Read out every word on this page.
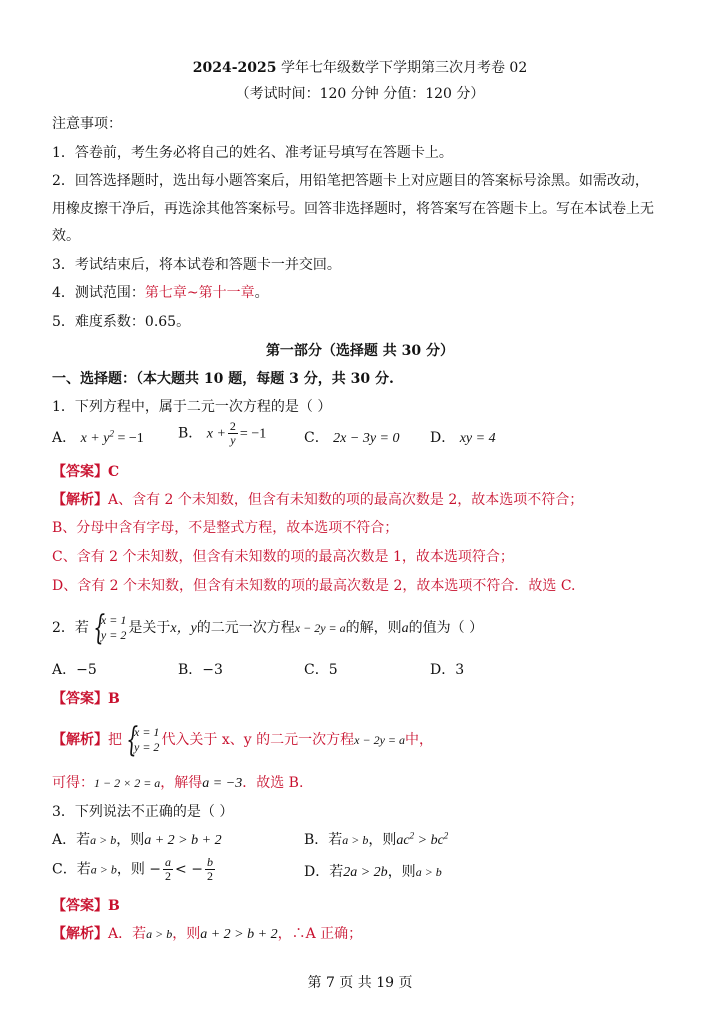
2024-2025 学年七年级数学下学期第三次月考卷 02
（考试时间：120 分钟 分值：120 分）
注意事项：
1．答卷前，考生务必将自己的姓名、准考证号填写在答题卡上。
2．回答选择题时，选出每小题答案后，用铅笔把答题卡上对应题目的答案标号涂黑。如需改动，
用橡皮擦干净后，再选涂其他答案标号。回答非选择题时，将答案写在答题卡上。写在本试卷上无
效。
3．考试结束后，将本试卷和答题卡一并交回。
4．测试范围：第七章~第十一章。
5．难度系数：0.65。
第一部分（选择题 共 30 分）
一、选择题：（本大题共 10 题，每题 3 分，共 30 分.
1．下列方程中，属于二元一次方程的是（ ）
A． $x + y^2 = -1$ B． $x + \frac{2}{y} = -1$	C． 2x − 3y = 0 D． xy = 4
【答案】C
【解析】A、含有 2 个未知数，但含有未知数的项的最高次数是 2，故本选项不符合；
B、分母中含有字母，不是整式方程，故本选项不符合；
C、含有 2 个未知数，但含有未知数的项的最高次数是 1，故本选项符合；
D、含有 2 个未知数，但含有未知数的项的最高次数是 2，故本选项不符合．故选 C.
2．若 {
x = 1
y = 2 是关于x，y的二元一次方程x − 2y = a的解，则a的值为（ ）
A．−5	B．−3	C．5	D．3
【答案】B
【解析】把 {
x = 1
y = 2 代入关于 x、y 的二元一次方程x − 2y = a中，
可得：1 − 2 × 2 = a，解得a = −3．故选 B.
3．下列说法不正确的是（ ）
A．若a > b，则a + 2 > b + 2	B．若a > b，则$ac^2 > bc^2$
C．若a > b，则 − $\frac{a}{2}$ < − $\frac{b}{2}$	D．若2a > 2b，则a > b
【答案】B
【解析】A．若a > b，则a + 2 > b + 2，∴A 正确；
第 7 页 共 19 页
